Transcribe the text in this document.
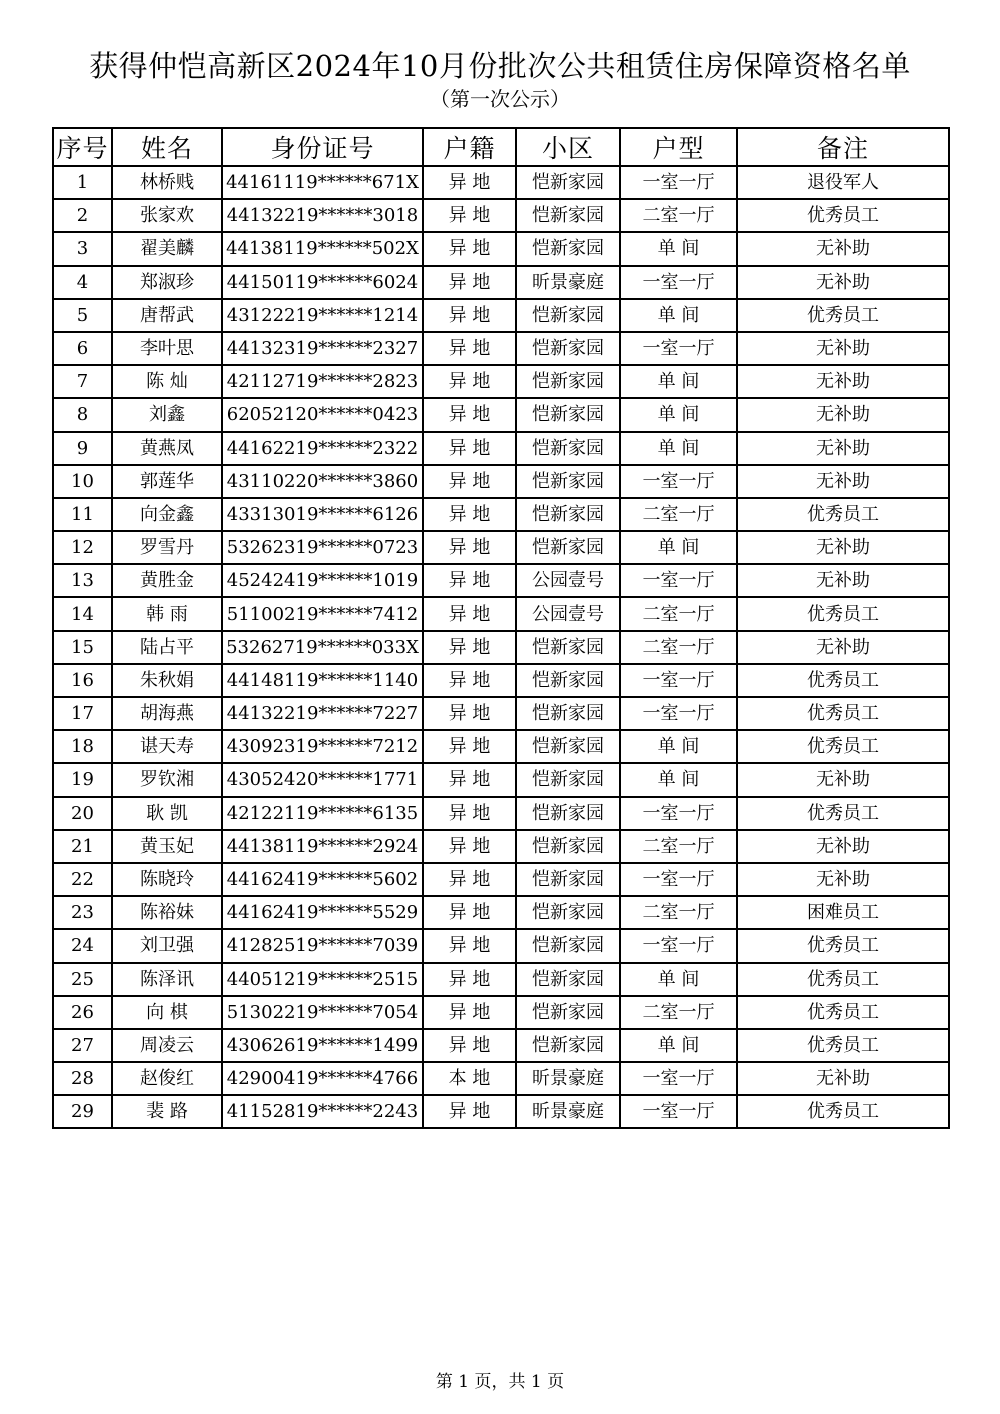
获得仲恺高新区2024年10月份批次公共租赁住房保障资格名单
（第一次公示）
序号	姓名	身份证号	户籍	小区	户型	备注
1	林桥贱	44161119******671X	异 地	恺新家园	一室一厅	退役军人
2	张家欢	44132219******3018	异 地	恺新家园	二室一厅	优秀员工
3	翟美麟	44138119******502X	异 地	恺新家园	单 间	无补助
4	郑淑珍	44150119******6024	异 地	昕景豪庭	一室一厅	无补助
5	唐帮武	43122219******1214	异 地	恺新家园	单 间	优秀员工
6	李叶思	44132319******2327	异 地	恺新家园	一室一厅	无补助
7	陈 灿	42112719******2823	异 地	恺新家园	单 间	无补助
8	刘鑫	62052120******0423	异 地	恺新家园	单 间	无补助
9	黄燕凤	44162219******2322	异 地	恺新家园	单 间	无补助
10	郭莲华	43110220******3860	异 地	恺新家园	一室一厅	无补助
11	向金鑫	43313019******6126	异 地	恺新家园	二室一厅	优秀员工
12	罗雪丹	53262319******0723	异 地	恺新家园	单 间	无补助
13	黄胜金	45242419******1019	异 地	公园壹号	一室一厅	无补助
14	韩 雨	51100219******7412	异 地	公园壹号	二室一厅	优秀员工
15	陆占平	53262719******033X	异 地	恺新家园	二室一厅	无补助
16	朱秋娟	44148119******1140	异 地	恺新家园	一室一厅	优秀员工
17	胡海燕	44132219******7227	异 地	恺新家园	一室一厅	优秀员工
18	谌天寿	43092319******7212	异 地	恺新家园	单 间	优秀员工
19	罗钦湘	43052420******1771	异 地	恺新家园	单 间	无补助
20	耿 凯	42122119******6135	异 地	恺新家园	一室一厅	优秀员工
21	黄玉妃	44138119******2924	异 地	恺新家园	二室一厅	无补助
22	陈晓玲	44162419******5602	异 地	恺新家园	一室一厅	无补助
23	陈裕妹	44162419******5529	异 地	恺新家园	二室一厅	困难员工
24	刘卫强	41282519******7039	异 地	恺新家园	一室一厅	优秀员工
25	陈泽讯	44051219******2515	异 地	恺新家园	单 间	优秀员工
26	向 棋	51302219******7054	异 地	恺新家园	二室一厅	优秀员工
27	周凌云	43062619******1499	异 地	恺新家园	单 间	优秀员工
28	赵俊红	42900419******4766	本 地	昕景豪庭	一室一厅	无补助
29	裴 路	41152819******2243	异 地	昕景豪庭	一室一厅	优秀员工
第 1 页，共 1 页
